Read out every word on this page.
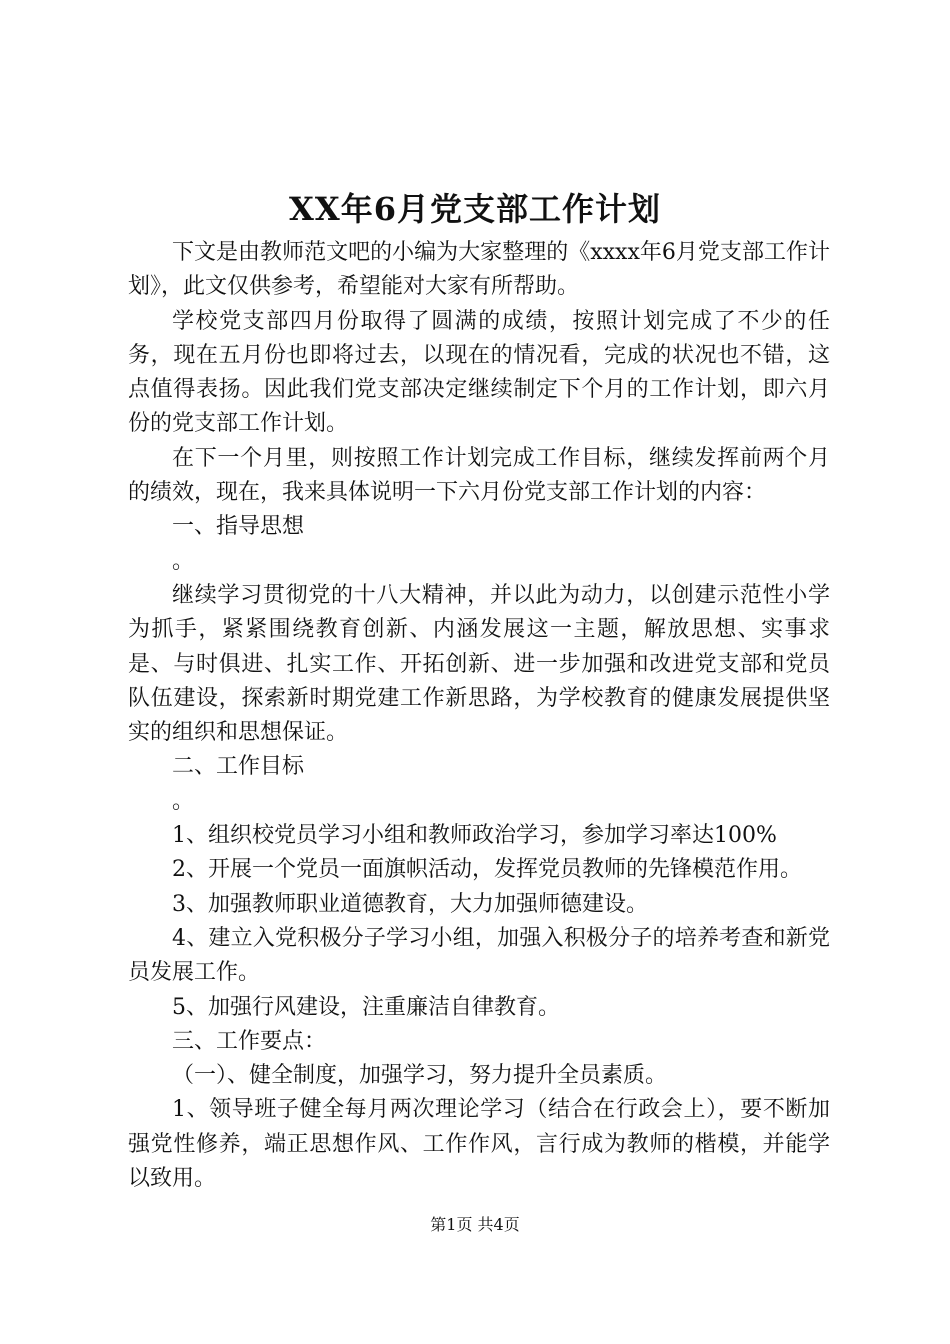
XX年6月党支部工作计划

下文是由教师范文吧的小编为大家整理的《xxxx年6月党支部工作计划》，此文仅供参考，希望能对大家有所帮助。

学校党支部四月份取得了圆满的成绩，按照计划完成了不少的任务，现在五月份也即将过去，以现在的情况看，完成的状况也不错，这点值得表扬。因此我们党支部决定继续制定下个月的工作计划，即六月份的党支部工作计划。

在下一个月里，则按照工作计划完成工作目标，继续发挥前两个月的绩效，现在，我来具体说明一下六月份党支部工作计划的内容：

一、指导思想

。

继续学习贯彻党的十八大精神，并以此为动力，以创建示范性小学为抓手，紧紧围绕教育创新、内涵发展这一主题，解放思想、实事求是、与时俱进、扎实工作、开拓创新、进一步加强和改进党支部和党员队伍建设，探索新时期党建工作新思路，为学校教育的健康发展提供坚实的组织和思想保证。

二、工作目标

。

1、组织校党员学习小组和教师政治学习，参加学习率达100%

2、开展一个党员一面旗帜活动，发挥党员教师的先锋模范作用。

3、加强教师职业道德教育，大力加强师德建设。

4、建立入党积极分子学习小组，加强入积极分子的培养考查和新党员发展工作。

5、加强行风建设，注重廉洁自律教育。

三、工作要点：

（一）、健全制度，加强学习，努力提升全员素质。

1、领导班子健全每月两次理论学习（结合在行政会上），要不断加强党性修养，端正思想作风、工作作风，言行成为教师的楷模，并能学以致用。

第1页 共4页
